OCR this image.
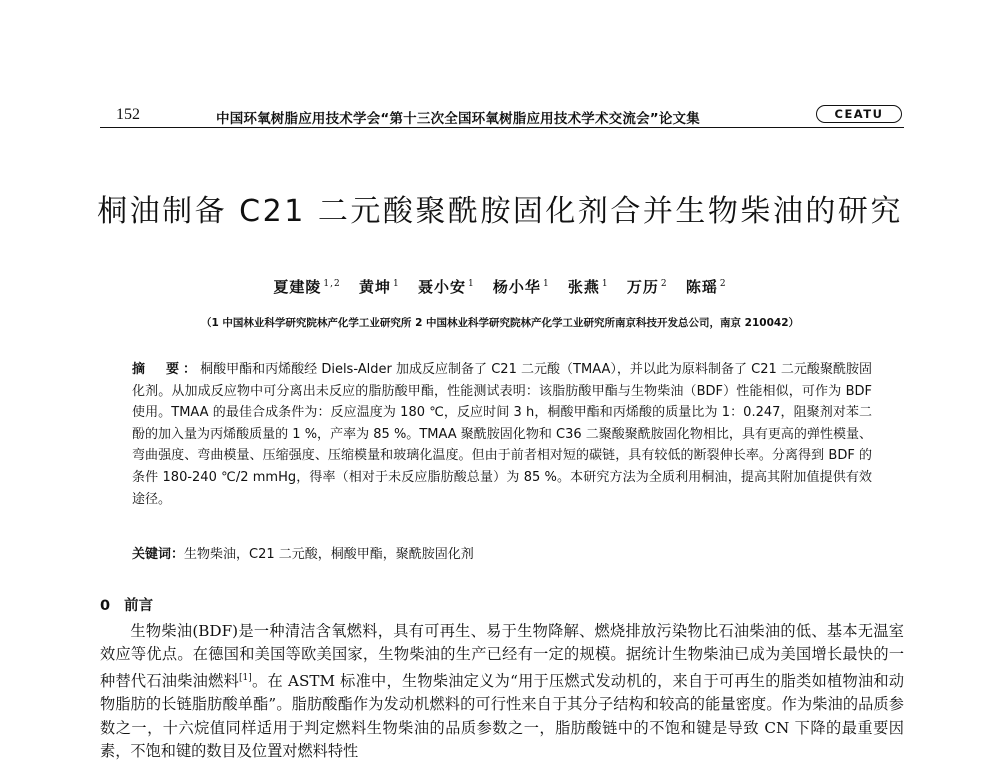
152	中国环氧树脂应用技术学会“第十三次全国环氧树脂应用技术学术交流会”论文集	CEATU
桐油制备 C21 二元酸聚酰胺固化剂合并生物柴油的研究
夏建陵 $^{1,2}$ 黄坤 $^1$ 聂小安 $^1$ 杨小华 $^1$ 张燕 $^1$ 万历 $^2$ 陈瑶 $^2$
（1 中国林业科学研究院林产化学工业研究所 2 中国林业科学研究院林产化学工业研究所南京科技开发总公司，南京 210042）
摘　要：桐酸甲酯和丙烯酸经 Diels-Alder 加成反应制备了 C21 二元酸（TMAA），并以此为原料制备了 C21 二元酸聚酰胺固化剂。从加成反应物中可分离出未反应的脂肪酸甲酯，性能测试表明：该脂肪酸甲酯与生物柴油（BDF）性能相似，可作为 BDF 使用。TMAA 的最佳合成条件为：反应温度为 180 ℃，反应时间 3 h，桐酸甲酯和丙烯酸的质量比为 1：0.247，阻聚剂对苯二酚的加入量为丙烯酸质量的 1 %，产率为 85 %。TMAA 聚酰胺固化物和 C36 二聚酸聚酰胺固化物相比，具有更高的弹性模量、弯曲强度、弯曲模量、压缩强度、压缩模量和玻璃化温度。但由于前者相对短的碳链，具有较低的断裂伸长率。分离得到 BDF 的条件 180-240 ℃/2 mmHg，得率（相对于未反应脂肪酸总量）为 85 %。本研究方法为全质利用桐油，提高其附加值提供有效途径。
关键词：生物柴油，C21 二元酸，桐酸甲酯，聚酰胺固化剂
0 前言
生物柴油(BDF)是一种清洁含氧燃料，具有可再生、易于生物降解、燃烧排放污染物比石油柴油的低、基本无温室效应等优点。在德国和美国等欧美国家，生物柴油的生产已经有一定的规模。据统计生物柴油已成为美国增长最快的一种替代石油柴油燃料[1]。在 ASTM 标准中，生物柴油定义为“用于压燃式发动机的，来自于可再生的脂类如植物油和动物脂肪的长链脂肪酸单酯”。脂肪酸酯作为发动机燃料的可行性来自于其分子结构和较高的能量密度。作为柴油的品质参数之一，十六烷值同样适用于判定燃料生物柴油的品质参数之一，脂肪酸链中的不饱和键是导致 CN 下降的最重要因素，不饱和键的数目及位置对燃料特性
